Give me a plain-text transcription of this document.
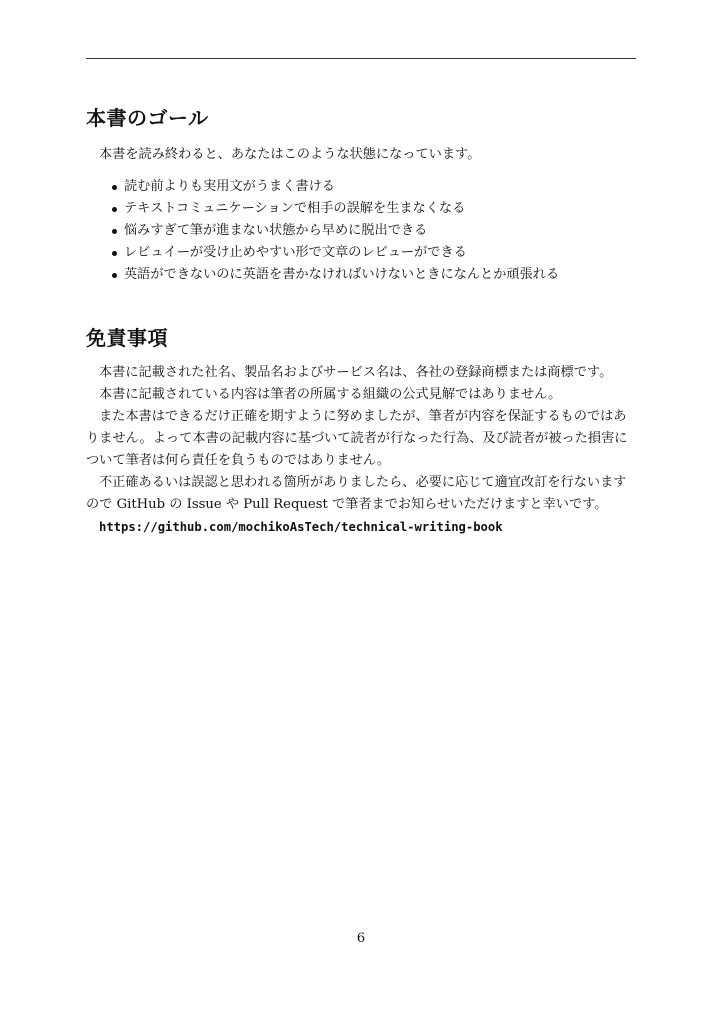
本書のゴール

本書を読み終わると、あなたはこのような状態になっています。

読む前よりも実用文がうまく書ける
テキストコミュニケーションで相手の誤解を生まなくなる
悩みすぎて筆が進まない状態から早めに脱出できる
レビュイーが受け止めやすい形で文章のレビューができる
英語ができないのに英語を書かなければいけないときになんとか頑張れる
免責事項

本書に記載された社名、製品名およびサービス名は、各社の登録商標または商標です。

本書に記載されている内容は筆者の所属する組織の公式見解ではありません。

また本書はできるだけ正確を期すように努めましたが、筆者が内容を保証するものではありません。よって本書の記載内容に基づいて読者が行なった行為、及び読者が被った損害について筆者は何ら責任を負うものではありません。

不正確あるいは誤認と思われる箇所がありましたら、必要に応じて適宜改訂を行ないますので GitHub の Issue や Pull Request で筆者までお知らせいただけますと幸いです。

https://github.com/mochikoAsTech/technical-writing-book

6
